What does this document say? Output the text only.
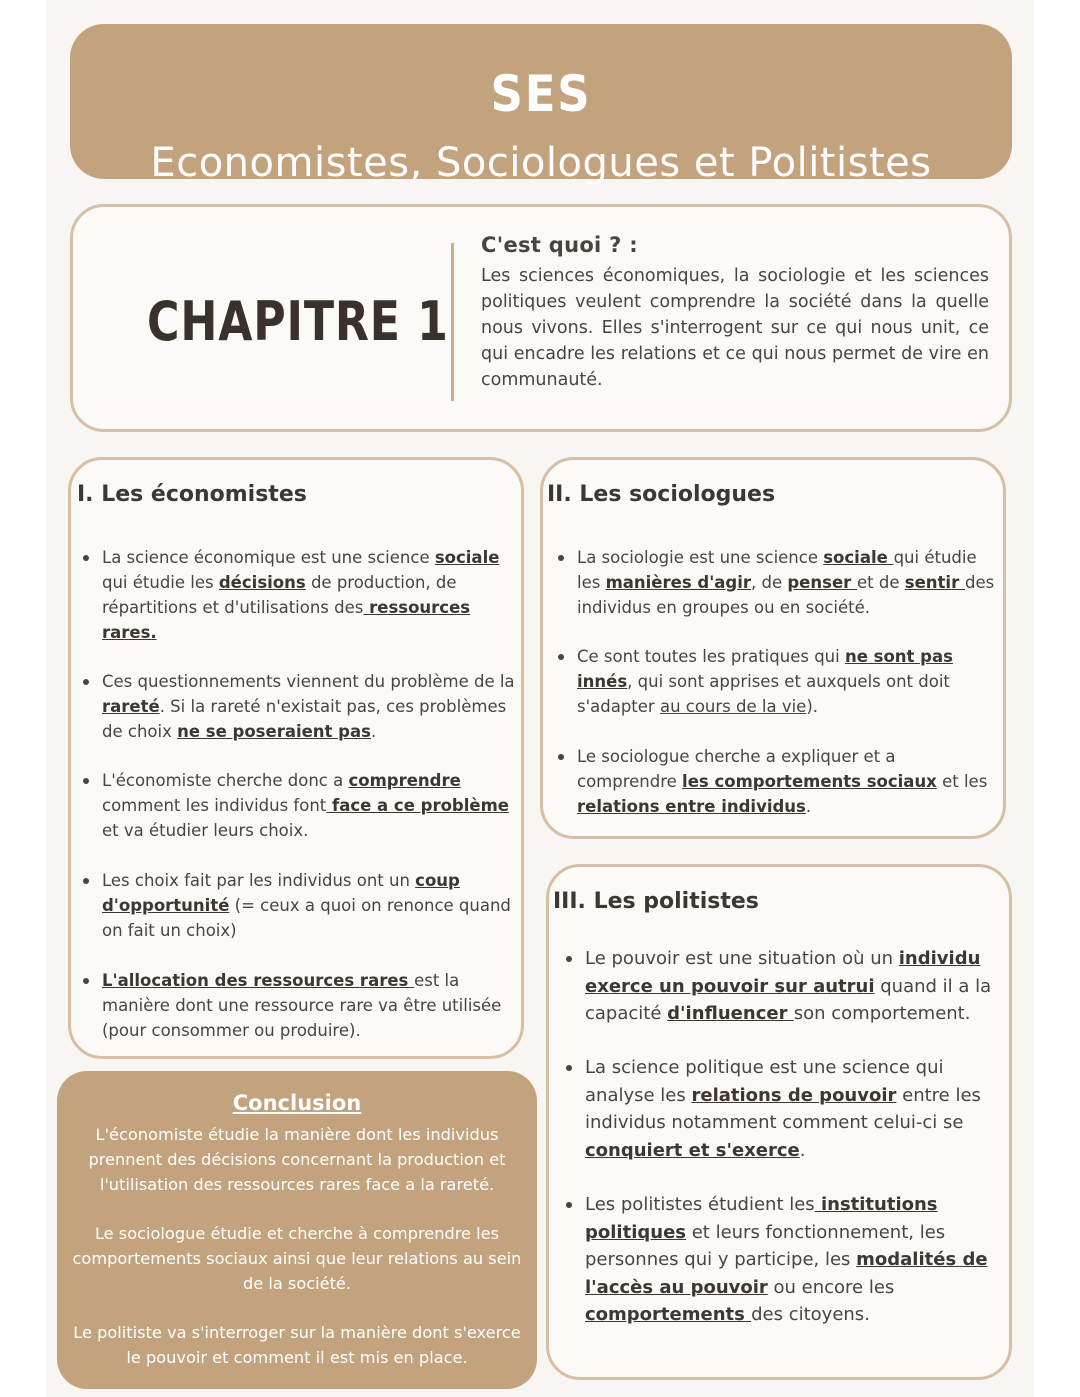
SES
Economistes, Sociologues et Politistes
CHAPITRE 1
C'est quoi ? :

Les sciences économiques, la sociologie et les sciences politiques veulent comprendre la société dans la quelle nous vivons. Elles s'interrogent sur ce qui nous unit, ce qui encadre les relations et ce qui nous permet de vire en communauté.

I. Les économistes
La science économique est une science sociale qui étudie les décisions de production, de répartitions et d'utilisations des ressources rares.
Ces questionnements viennent du problème de la rareté. Si la rareté n'existait pas, ces problèmes de choix ne se poseraient pas.
L'économiste cherche donc a comprendre comment les individus font face a ce problème et va étudier leurs choix.
Les choix fait par les individus ont un coup d'opportunité (= ceux a quoi on renonce quand on fait un choix)
L'allocation des ressources rares est la manière dont une ressource rare va être utilisée (pour consommer ou produire).
II. Les sociologues
La sociologie est une science sociale qui étudie les manières d'agir, de penser et de sentir des individus en groupes ou en société.
Ce sont toutes les pratiques qui ne sont pas innés, qui sont apprises et auxquels ont doit s'adapter au cours de la vie).
Le sociologue cherche a expliquer et a comprendre les comportements sociaux et les relations entre individus.
III. Les politistes
Le pouvoir est une situation où un individu exerce un pouvoir sur autrui quand il a la capacité d'influencer son comportement.
La science politique est une science qui analyse les relations de pouvoir entre les individus notamment comment celui-ci se conquiert et s'exerce.
Les politistes étudient les institutions politiques et leurs fonctionnement, les personnes qui y participe, les modalités de l'accès au pouvoir ou encore les comportements des citoyens.
Conclusion

L'économiste étudie la manière dont les individus prennent des décisions concernant la production et l'utilisation des ressources rares face a la rareté.

Le sociologue étudie et cherche à comprendre les comportements sociaux ainsi que leur relations au sein de la société.

Le politiste va s'interroger sur la manière dont s'exerce le pouvoir et comment il est mis en place.
